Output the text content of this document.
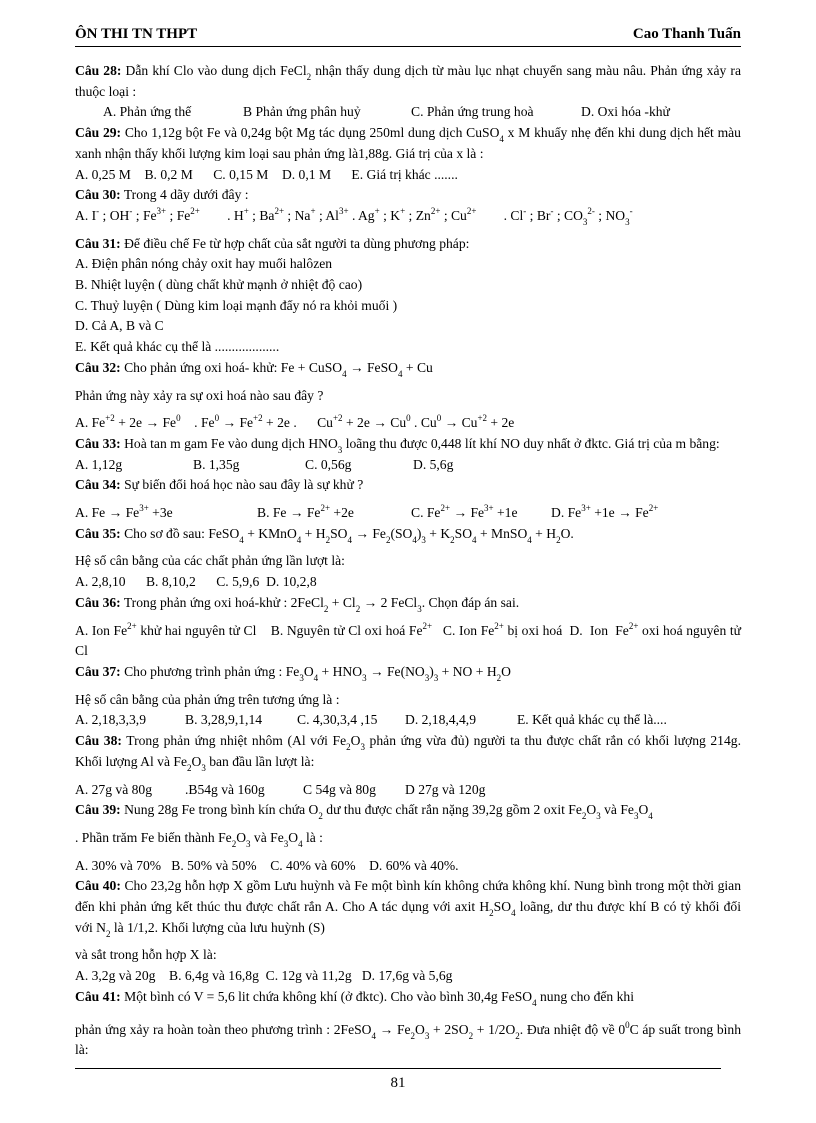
ÔN THI TN THPT	Cao Thanh Tuấn

Câu 28: Dẫn khí Clo vào dung dịch FeCl$_2$ nhận thấy dung dịch từ màu lục nhạt chuyển sang màu nâu. Phản ứng xảy ra thuộc loại :

A. Phản ứng thế	B Phản ứng phân huỷ	C. Phản ứng trung hoà	D. Oxi hóa -khử

Câu 29: Cho 1,12g bột Fe và 0,24g bột Mg tác dụng 250ml dung dịch CuSO$_4$ x M khuấy nhẹ đến khi dung dịch hết màu xanh nhận thấy khối lượng kim loại sau phản ứng là1,88g. Giá trị của x là :

A. 0,25 M    B. 0,2 M      C. 0,15 M    D. 0,1 M      E. Giá trị khác .......

Câu 30: Trong 4 dãy dưới đây :

A. I- ; OH- ; $Fe^{3+}$ ; $Fe^{2+}$        . H+ ; $Ba^{2+}$ ; Na+ ; $Al^{3+}$ . Ag+ ; K+ ; $Zn^{2+}$ ; $Cu^{2+}$        . Cl- ; Br- ; $CO_3^{2-}$ ; $NO_3^-$

Câu 31: Để điều chế Fe từ hợp chất của sắt người ta dùng phương pháp:

A. Điện phân nóng chảy oxit hay muối halôzen

B. Nhiệt luyện ( dùng chất khử mạnh ở nhiệt độ cao)

C. Thuỷ luyện ( Dùng kim loại mạnh đẩy nó ra khỏi muối )

D. Cả A, B và C

E. Kết quả khác cụ thể là ...................

Câu 32: Cho phản ứng oxi hoá- khử: Fe + CuSO$_4$ → FeSO$_4$ + Cu

Phản ứng này xảy ra sự oxi hoá nào sau đây ?

A. $Fe^{+2} + 2e \to Fe^0$    . $Fe^0 \to Fe^{+2} + 2e$ .      $Cu^{+2} + 2e \to Cu^0$ . $Cu^0 \to Cu^{+2} + 2e$

Câu 33: Hoà tan m gam Fe vào dung dịch $HNO_3$ loãng thu được 0,448 lít khí NO duy nhất ở đktc. Giá trị của m bằng:

A. 1,12g	B. 1,35g	C. 0,56g	D. 5,6g

Câu 34: Sự biến đổi hoá học nào sau đây là sự khử ?

A. $Fe \to Fe^{3+} +3e$	B. $Fe \to Fe^{2+} +2e$	C. $Fe^{2+} \to Fe^{3+} +1e$	D. $Fe^{3+} +1e \to Fe^{2+}$

Câu 35: Cho sơ đồ sau: FeSO$_4$ + KMnO$_4$ + $H_2SO_4 \to Fe_2(SO_4)_3 + K_2SO_4$ + MnSO$_4$ + $H_2O$.

Hệ số cân bằng của các chất phản ứng lần lượt là:

A. 2,8,10      B. 8,10,2      C. 5,9,6  D. 10,2,8

Câu 36: Trong phản ứng oxi hoá-khử : 2FeCl$_2$ + $Cl_2 \to 2$ FeCl$_3$. Chọn đáp án sai.

A. Ion $Fe^{2+}$ khử hai nguyên tử Cl    B. Nguyên tử Cl oxi hoá $Fe^{2+}$   C. Ion $Fe^{2+}$ bị oxi hoá  D.  Ion  $Fe^{2+}$ oxi hoá nguyên tử Cl

Câu 37: Cho phương trình phản ứng : $Fe_3O_4 + HNO_3 \to Fe(NO_3)_3$ + NO + $H_2O$

Hệ số cân bằng của phản ứng trên tương ứng là :

A. 2,18,3,3,9	B. 3,28,9,1,14	C. 4,30,3,4 ,15	D. 2,18,4,4,9	E. Kết quả khác cụ thể là....

Câu 38: Trong phản ứng nhiệt nhôm (Al với $Fe_2O_3$ phản ứng vừa đủ) người ta thu được chất rắn có khối lượng 214g. Khối lượng Al và $Fe_2O_3$ ban đầu lần lượt là:

A. 27g và 80g	.B54g và 160g	C 54g và 80g	D 27g và 120g

Câu 39: Nung 28g Fe trong bình kín chứa $O_2$ dư thu được chất rắn nặng 39,2g gồm 2 oxit $Fe_2O_3$ và $Fe_3O_4$

. Phần trăm Fe biến thành $Fe_2O_3$ và $Fe_3O_4$ là :

A. 30% và 70%   B. 50% và 50%    C. 40% và 60%    D. 60% và 40%.

Câu 40: Cho 23,2g hỗn hợp X gồm Lưu huỳnh và Fe một bình kín không chứa không khí. Nung bình trong một thời gian đến khi phản ứng kết thúc thu được chất rắn A. Cho A tác dụng với axit $H_2SO_4$ loãng, dư thu được khí B có tỷ khối đối với $N_2$ là 1/1,2. Khối lượng của lưu huỳnh (S)

và sắt trong hỗn hợp X là:

A. 3,2g và 20g    B. 6,4g và 16,8g  C. 12g và 11,2g   D. 17,6g và 5,6g

Câu 41: Một bình có V = 5,6 lit chứa không khí (ở đktc). Cho vào bình 30,4g FeSO$_4$ nung cho đến khi

phản ứng xảy ra hoàn toàn theo phương trình : 2FeSO$_4$ → $Fe_2O_3 + 2SO_2 + 1/2O_2$. Đưa nhiệt độ về $0^0C$ áp suất trong bình là:

81
